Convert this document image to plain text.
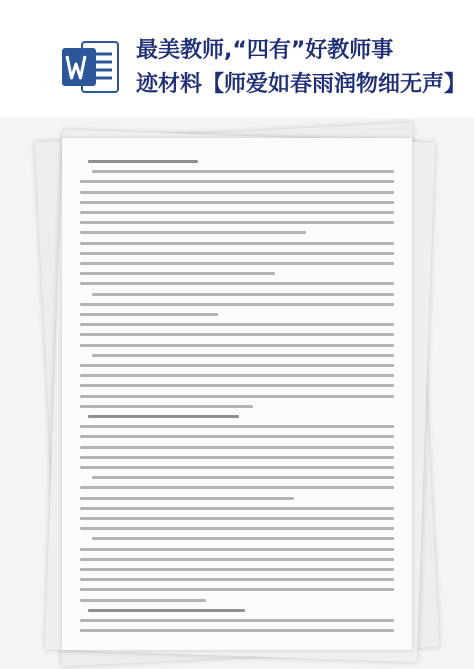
最美教师,“四有”好教师事
迹材料【师爱如春雨润物细无声】
